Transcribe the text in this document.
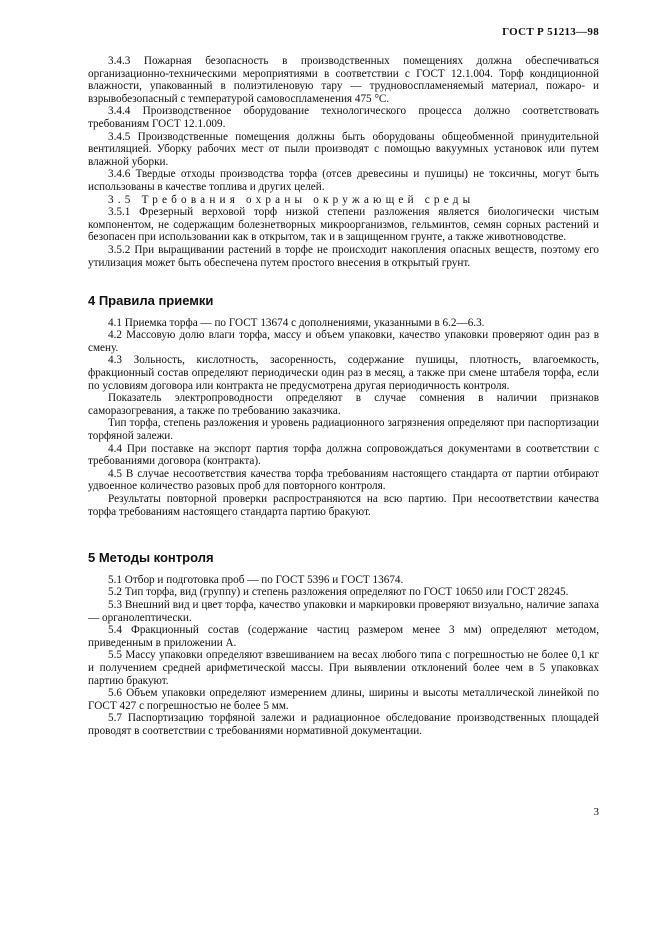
ГОСТ Р 51213—98

3.4.3 Пожарная безопасность в производственных помещениях должна обеспечиваться организационно-техническими мероприятиями в соответствии с ГОСТ 12.1.004. Торф кондиционной влажности, упакованный в полиэтиленовую тару — трудновоспламеняемый материал, пожаро- и взрывобезопасный с температурой самовоспламенения 475 °С.

3.4.4 Производственное оборудование технологического процесса должно соответствовать требованиям ГОСТ 12.1.009.

3.4.5 Производственные помещения должны быть оборудованы общеобменной принудительной вентиляцией. Уборку рабочих мест от пыли производят с помощью вакуумных установок или путем влажной уборки.

3.4.6 Твердые отходы производства торфа (отсев древесины и пушицы) не токсичны, могут быть использованы в качестве топлива и других целей.

3.5 Требования охраны окружающей среды

3.5.1 Фрезерный верховой торф низкой степени разложения является биологически чистым компонентом, не содержащим болезнетворных микроорганизмов, гельминтов, семян сорных растений и безопасен при использовании как в открытом, так и в защищенном грунте, а также животноводстве.

3.5.2 При выращивании растений в торфе не происходит накопления опасных веществ, поэтому его утилизация может быть обеспечена путем простого внесения в открытый грунт.

4 Правила приемки

4.1 Приемка торфа — по ГОСТ 13674 с дополнениями, указанными в 6.2—6.3.

4.2 Массовую долю влаги торфа, массу и объем упаковки, качество упаковки проверяют один раз в смену.

4.3 Зольность, кислотность, засоренность, содержание пушицы, плотность, влагоемкость, фракционный состав определяют периодически один раз в месяц, а также при смене штабеля торфа, если по условиям договора или контракта не предусмотрена другая периодичность контроля.

Показатель электропроводности определяют в случае сомнения в наличии признаков саморазогревания, а также по требованию заказчика.

Тип торфа, степень разложения и уровень радиационного загрязнения определяют при паспортизации торфяной залежи.

4.4 При поставке на экспорт партия торфа должна сопровождаться документами в соответствии с требованиями договора (контракта).

4.5 В случае несоответствия качества торфа требованиям настоящего стандарта от партии отбирают удвоенное количество разовых проб для повторного контроля.

Результаты повторной проверки распространяются на всю партию. При несоответствии качества торфа требованиям настоящего стандарта партию бракуют.

5 Методы контроля

5.1 Отбор и подготовка проб — по ГОСТ 5396 и ГОСТ 13674.

5.2 Тип торфа, вид (группу) и степень разложения определяют по ГОСТ 10650 или ГОСТ 28245.

5.3 Внешний вид и цвет торфа, качество упаковки и маркировки проверяют визуально, наличие запаха — органолептически.

5.4 Фракционный состав (содержание частиц размером менее 3 мм) определяют методом, приведенным в приложении А.

5.5 Массу упаковки определяют взвешиванием на весах любого типа с погрешностью не более 0,1 кг и получением средней арифметической массы. При выявлении отклонений более чем в 5 упаковках партию бракуют.

5.6 Объем упаковки определяют измерением длины, ширины и высоты металлической линейкой по ГОСТ 427 с погрешностью не более 5 мм.

5.7 Паспортизацию торфяной залежи и радиационное обследование производственных площадей проводят в соответствии с требованиями нормативной документации.

3
